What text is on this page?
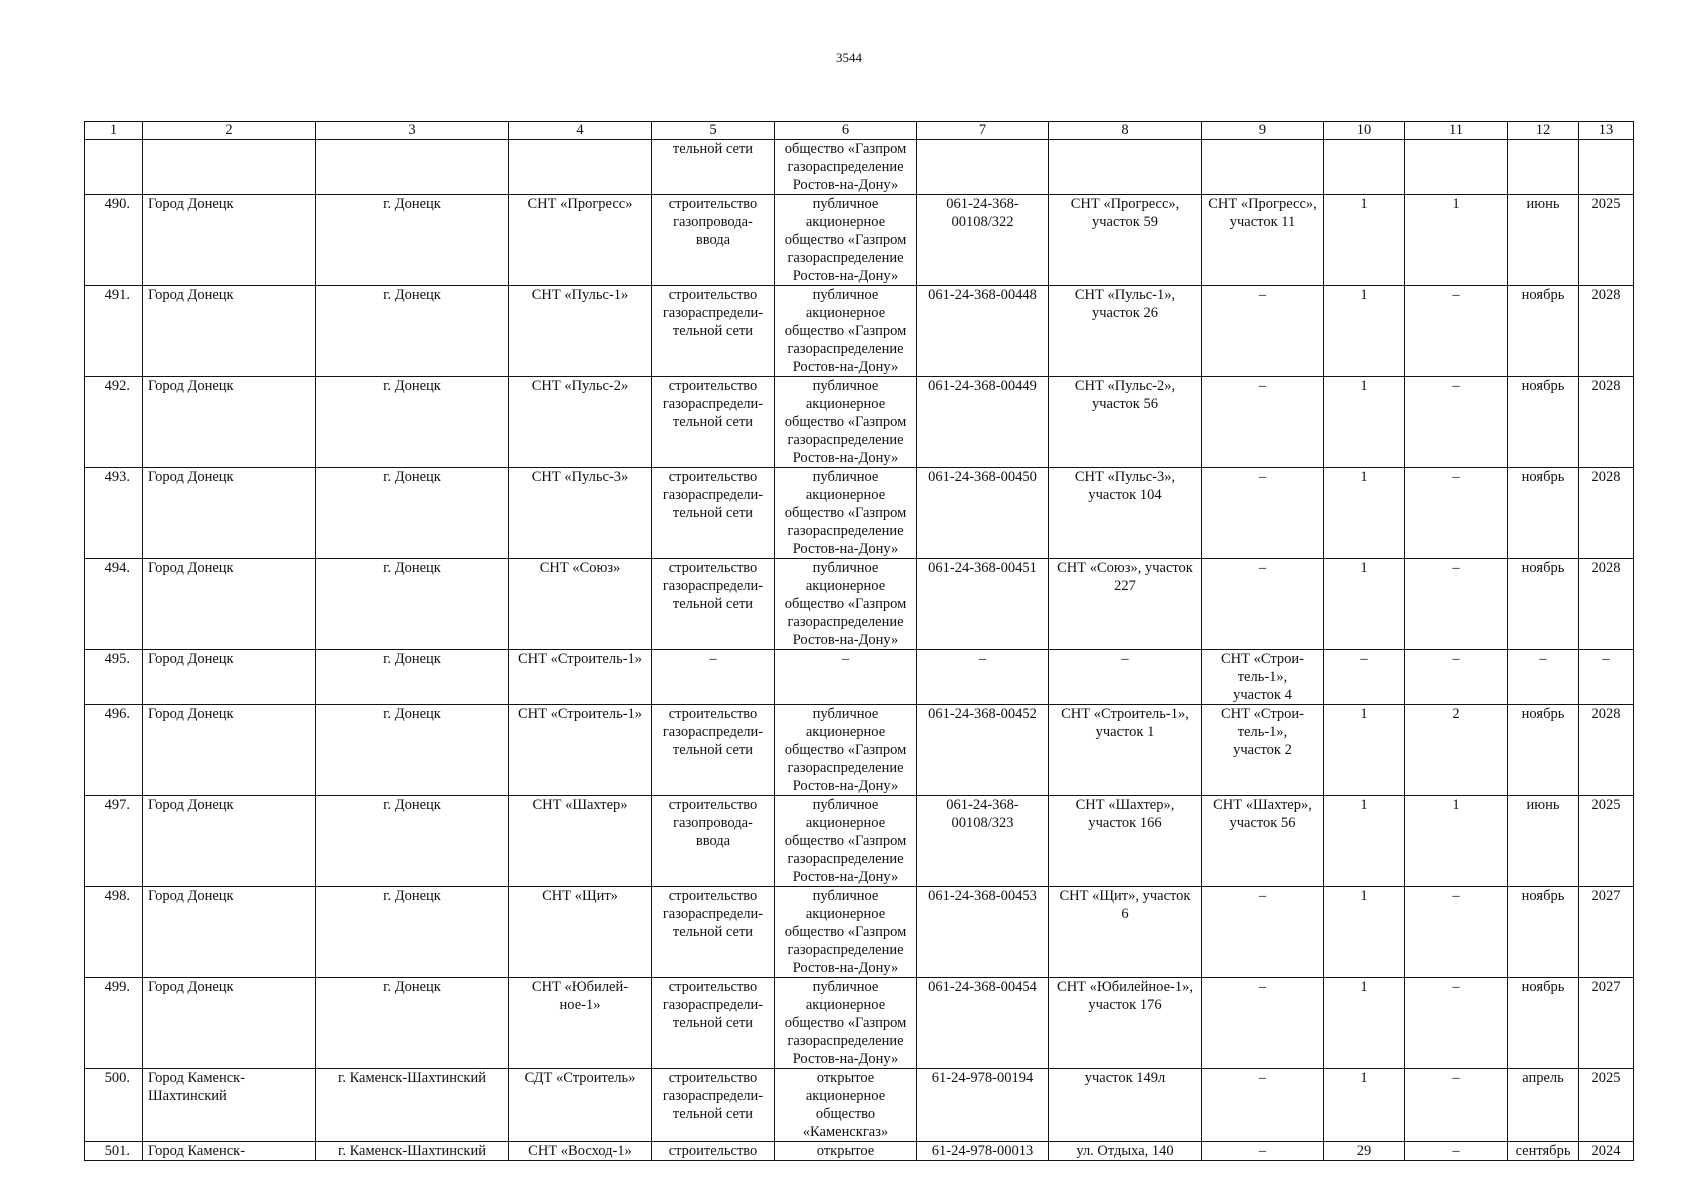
3544
1	2	3	4	5	6	7	8	9	10	11	12	13
				тельной сети	общество «Газпром
газораспределение
Ростов-на-Дону»							
490.	Город Донецк	г. Донецк	СНТ «Прогресс»	строительство
газопровода-
ввода	публичное
акционерное
общество «Газпром
газораспределение
Ростов-на-Дону»	061-24-368-
00108/322	СНТ «Прогресс»,
участок 59	СНТ «Прогресс»,
участок 11	1	1	июнь	2025
491.	Город Донецк	г. Донецк	СНТ «Пульс-1»	строительство
газораспредели-
тельной сети	публичное
акционерное
общество «Газпром
газораспределение
Ростов-на-Дону»	061-24-368-00448	СНТ «Пульс-1»,
участок 26	–	1	–	ноябрь	2028
492.	Город Донецк	г. Донецк	СНТ «Пульс-2»	строительство
газораспредели-
тельной сети	публичное
акционерное
общество «Газпром
газораспределение
Ростов-на-Дону»	061-24-368-00449	СНТ «Пульс-2»,
участок 56	–	1	–	ноябрь	2028
493.	Город Донецк	г. Донецк	СНТ «Пульс-3»	строительство
газораспредели-
тельной сети	публичное
акционерное
общество «Газпром
газораспределение
Ростов-на-Дону»	061-24-368-00450	СНТ «Пульс-3»,
участок 104	–	1	–	ноябрь	2028
494.	Город Донецк	г. Донецк	СНТ «Союз»	строительство
газораспредели-
тельной сети	публичное
акционерное
общество «Газпром
газораспределение
Ростов-на-Дону»	061-24-368-00451	СНТ «Союз», участок
227	–	1	–	ноябрь	2028
495.	Город Донецк	г. Донецк	СНТ «Строитель-1»	–	–	–	–	СНТ «Строи-
тель-1»,
участок 4	–	–	–	–
496.	Город Донецк	г. Донецк	СНТ «Строитель-1»	строительство
газораспредели-
тельной сети	публичное
акционерное
общество «Газпром
газораспределение
Ростов-на-Дону»	061-24-368-00452	СНТ «Строитель-1»,
участок 1	СНТ «Строи-
тель-1»,
участок 2	1	2	ноябрь	2028
497.	Город Донецк	г. Донецк	СНТ «Шахтер»	строительство
газопровода-
ввода	публичное
акционерное
общество «Газпром
газораспределение
Ростов-на-Дону»	061-24-368-
00108/323	СНТ «Шахтер»,
участок 166	СНТ «Шахтер»,
участок 56	1	1	июнь	2025
498.	Город Донецк	г. Донецк	СНТ «Щит»	строительство
газораспредели-
тельной сети	публичное
акционерное
общество «Газпром
газораспределение
Ростов-на-Дону»	061-24-368-00453	СНТ «Щит», участок
6	–	1	–	ноябрь	2027
499.	Город Донецк	г. Донецк	СНТ «Юбилей-
ное-1»	строительство
газораспредели-
тельной сети	публичное
акционерное
общество «Газпром
газораспределение
Ростов-на-Дону»	061-24-368-00454	СНТ «Юбилейное-1»,
участок 176	–	1	–	ноябрь	2027
500.	Город Каменск-
Шахтинский	г. Каменск-Шахтинский	СДТ «Строитель»	строительство
газораспредели-
тельной сети	открытое
акционерное
общество
«Каменскгаз»	61-24-978-00194	участок 149л	–	1	–	апрель	2025
501.	Город Каменск-	г. Каменск-Шахтинский	СНТ «Восход-1»	строительство	открытое	61-24-978-00013	ул. Отдыха, 140	–	29	–	сентябрь	2024
